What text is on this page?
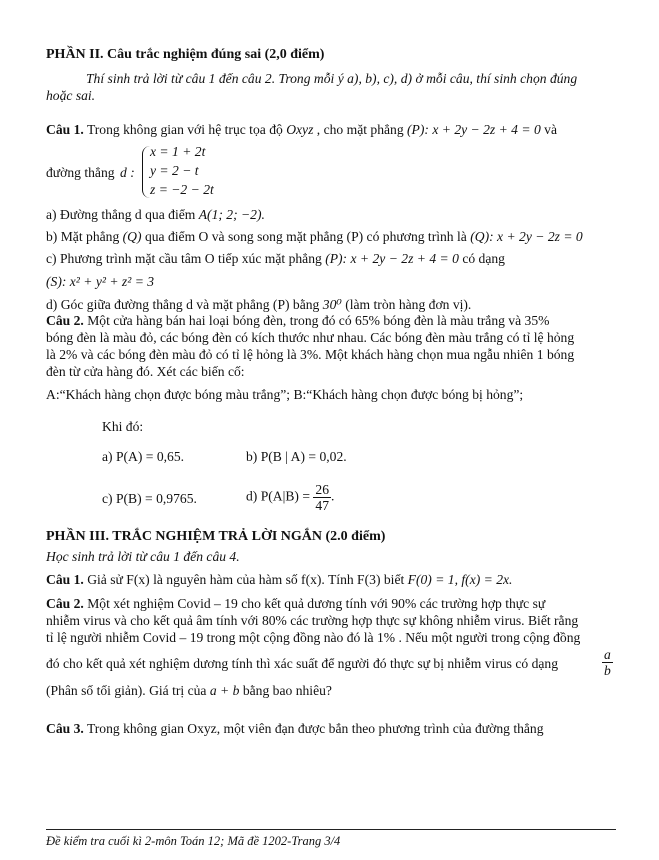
PHẦN II. Câu trắc nghiệm đúng sai (2,0 điểm)
Thí sinh trả lời từ câu 1 đến câu 2. Trong mỗi ý a), b), c), d) ở mỗi câu, thí sinh chọn đúng
hoặc sai.
Câu 1. Trong không gian với hệ trục tọa độ Oxyz , cho mặt phẳng (P): x + 2y − 2z + 4 = 0 và
đường thẳng d :
x = 1 + 2t
y = 2 − t
z = −2 − 2t
a) Đường thẳng d qua điểm A(1; 2; −2).
b) Mặt phẳng (Q) qua điểm O và song song mặt phẳng (P) có phương trình là (Q): x + 2y − 2z = 0
c) Phương trình mặt cầu tâm O tiếp xúc mặt phẳng (P): x + 2y − 2z + 4 = 0 có dạng
(S): x² + y² + z² = 3
d) Góc giữa đường thẳng d và mặt phẳng (P) bằng 30⁰ (làm tròn hàng đơn vị).
Câu 2. Một cửa hàng bán hai loại bóng đèn, trong đó có 65% bóng đèn là màu trắng và 35%
bóng đèn là màu đỏ, các bóng đèn có kích thước như nhau. Các bóng đèn màu trắng có tỉ lệ hỏng
là 2% và các bóng đèn màu đỏ có tỉ lệ hỏng là 3%. Một khách hàng chọn mua ngẫu nhiên 1 bóng
đèn từ cửa hàng đó. Xét các biến cố:
A:“Khách hàng chọn được bóng màu trắng”; B:“Khách hàng chọn được bóng bị hỏng”;
Khi đó:
a) P(A) = 0,65.	b) P(B | A) = 0,02.
c) P(B) = 0,9765.	d) $P(A|B) = \frac{26}{47}$ .
PHẦN III. TRẮC NGHIỆM TRẢ LỜI NGẮN (2.0 điểm)
Học sinh trả lời từ câu 1 đến câu 4.
Câu 1. Giả sử F(x) là nguyên hàm của hàm số f(x). Tính F(3) biết F(0) = 1, f(x) = 2x.
Câu 2. Một xét nghiệm Covid – 19 cho kết quả dương tính với 90% các trường hợp thực sự
nhiễm virus và cho kết quả âm tính với 80% các trường hợp thực sự không nhiễm virus. Biết rằng
tỉ lệ người nhiễm Covid – 19 trong một cộng đồng nào đó là 1% . Nếu một người trong cộng đồng
đó cho kết quả xét nghiệm dương tính thì xác suất để người đó thực sự bị nhiễm virus có dạng	$\frac{a}{b}$
(Phân số tối giản). Giá trị của a + b bằng bao nhiêu?
Câu 3. Trong không gian Oxyz, một viên đạn được bắn theo phương trình của đường thẳng
Đề kiểm tra cuối kì 2-môn Toán 12; Mã đề 1202-Trang 3/4
